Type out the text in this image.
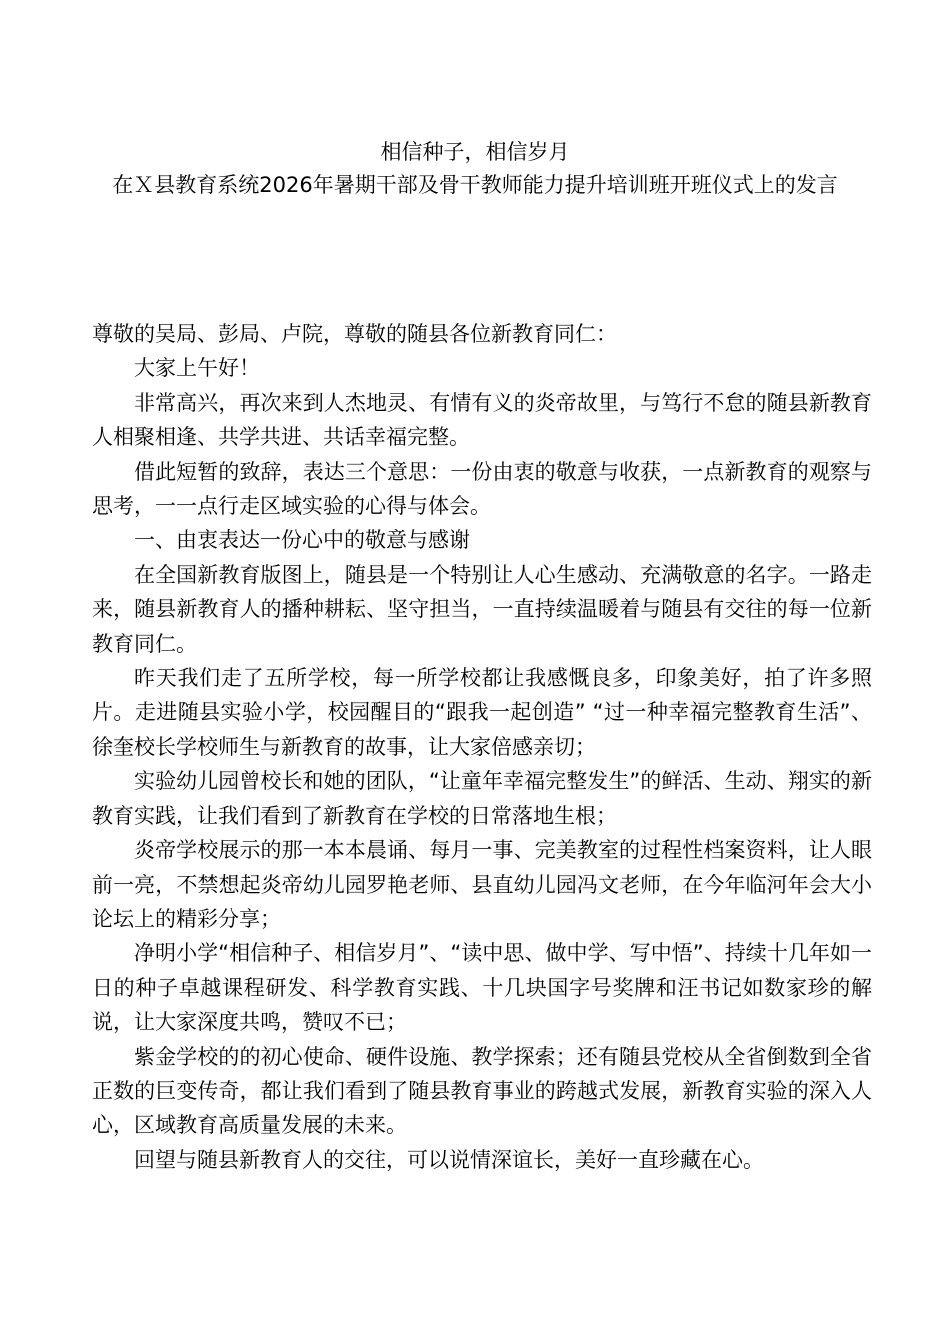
相信种子，相信岁月
在Ｘ县教育系统2026年暑期干部及骨干教师能力提升培训班开班仪式上的发言

尊敬的吴局、彭局、卢院，尊敬的随县各位新教育同仁：

大家上午好！

非常高兴，再次来到人杰地灵、有情有义的炎帝故里，与笃行不怠的随县新教育人相聚相逢、共学共进、共话幸福完整。

借此短暂的致辞，表达三个意思：一份由衷的敬意与收获，一点新教育的观察与思考，一一点行走区域实验的心得与体会。

一、由衷表达一份心中的敬意与感谢

在全国新教育版图上，随县是一个特别让人心生感动、充满敬意的名字。一路走来，随县新教育人的播种耕耘、坚守担当，一直持续温暖着与随县有交往的每一位新教育同仁。

昨天我们走了五所学校，每一所学校都让我感慨良多，印象美好，拍了许多照片。走进随县实验小学，校园醒目的“跟我一起创造” “过一种幸福完整教育生活”、徐奎校长学校师生与新教育的故事，让大家倍感亲切；

实验幼儿园曾校长和她的团队，“让童年幸福完整发生”的鲜活、生动、翔实的新教育实践，让我们看到了新教育在学校的日常落地生根；

炎帝学校展示的那一本本晨诵、每月一事、完美教室的过程性档案资料，让人眼前一亮，不禁想起炎帝幼儿园罗艳老师、县直幼儿园冯文老师，在今年临河年会大小论坛上的精彩分享；

净明小学“相信种子、相信岁月”、“读中思、做中学、写中悟”、持续十几年如一日的种子卓越课程研发、科学教育实践、十几块国字号奖牌和汪书记如数家珍的解说，让大家深度共鸣，赞叹不已；

紫金学校的的初心使命、硬件设施、教学探索；还有随县党校从全省倒数到全省正数的巨变传奇，都让我们看到了随县教育事业的跨越式发展，新教育实验的深入人心，区域教育高质量发展的未来。

回望与随县新教育人的交往，可以说情深谊长，美好一直珍藏在心。
